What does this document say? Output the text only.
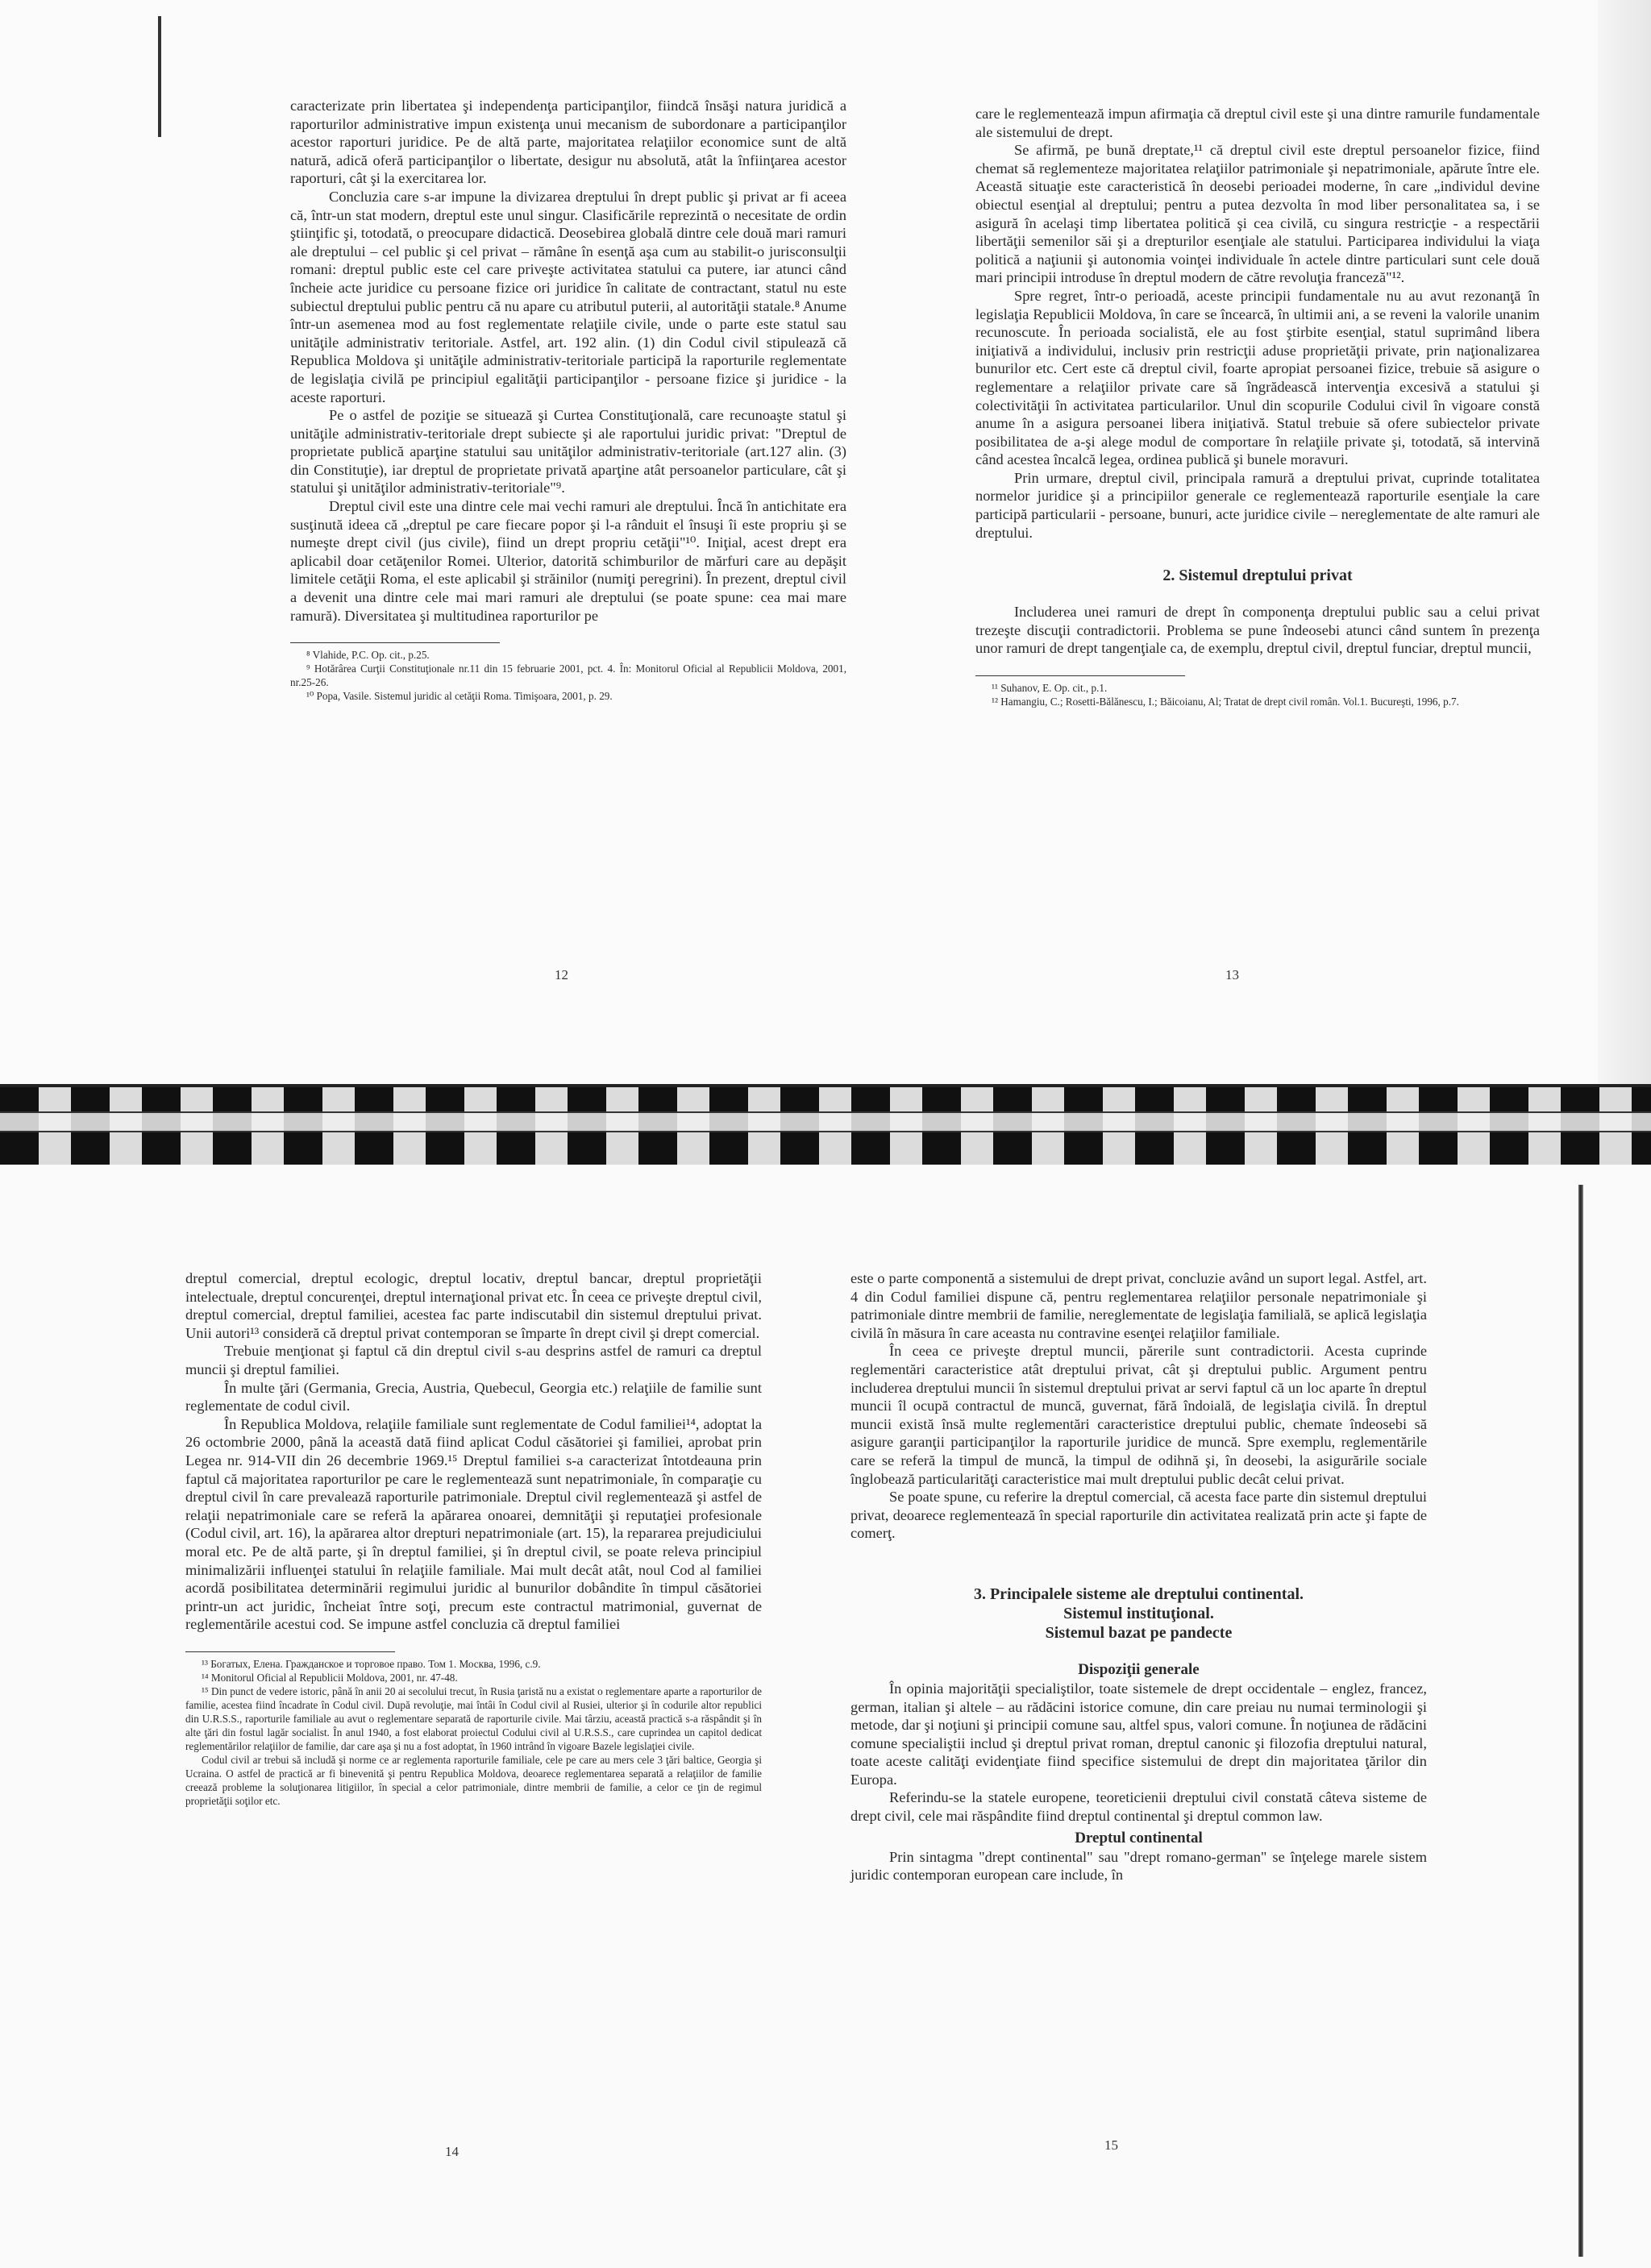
caracterizate prin libertatea şi independenţa participanţilor, fiindcă însăşi natura juridică a raporturilor administrative impun existenţa unui mecanism de subordonare a participanţilor acestor raporturi juridice. Pe de altă parte, majoritatea relaţiilor economice sunt de altă natură, adică oferă participanţilor o libertate, desigur nu absolută, atât la înfiinţarea acestor raporturi, cât şi la exercitarea lor.

Concluzia care s-ar impune la divizarea dreptului în drept public şi privat ar fi aceea că, într-un stat modern, dreptul este unul singur. Clasificările reprezintă o necesitate de ordin ştiinţific şi, totodată, o preocupare didactică. Deosebirea globală dintre cele două mari ramuri ale dreptului – cel public şi cel privat – rămâne în esenţă aşa cum au stabilit-o jurisconsulţii romani: dreptul public este cel care priveşte activitatea statului ca putere, iar atunci când încheie acte juridice cu persoane fizice ori juridice în calitate de contractant, statul nu este subiectul dreptului public pentru că nu apare cu atributul puterii, al autorităţii statale.⁸ Anume într-un asemenea mod au fost reglementate relaţiile civile, unde o parte este statul sau unităţile administrativ teritoriale. Astfel, art. 192 alin. (1) din Codul civil stipulează că Republica Moldova şi unităţile administrativ-teritoriale participă la raporturile reglementate de legislaţia civilă pe principiul egalităţii participanţilor - persoane fizice şi juridice - la aceste raporturi.

Pe o astfel de poziţie se situează şi Curtea Constituţională, care recunoaşte statul şi unităţile administrativ-teritoriale drept subiecte şi ale raportului juridic privat: "Dreptul de proprietate publică aparţine statului sau unităţilor administrativ-teritoriale (art.127 alin. (3) din Constituţie), iar dreptul de proprietate privată aparţine atât persoanelor particulare, cât şi statului şi unităţilor administrativ-teritoriale"⁹.

Dreptul civil este una dintre cele mai vechi ramuri ale dreptului. Încă în antichitate era susţinută ideea că „dreptul pe care fiecare popor şi l-a rânduit el însuşi îi este propriu şi se numeşte drept civil (jus civile), fiind un drept propriu cetăţii"¹⁰. Iniţial, acest drept era aplicabil doar cetăţenilor Romei. Ulterior, datorită schimburilor de mărfuri care au depăşit limitele cetăţii Roma, el este aplicabil şi străinilor (numiţi peregrini). În prezent, dreptul civil a devenit una dintre cele mai mari ramuri ale dreptului (se poate spune: cea mai mare ramură). Diversitatea şi multitudinea raporturilor pe

⁸ Vlahide, P.C. Op. cit., p.25.

⁹ Hotărârea Curţii Constituţionale nr.11 din 15 februarie 2001, pct. 4. În: Monitorul Oficial al Republicii Moldova, 2001, nr.25-26.

¹⁰ Popa, Vasile. Sistemul juridic al cetăţii Roma. Timişoara, 2001, p. 29.

12

care le reglementează impun afirmaţia că dreptul civil este şi una dintre ramurile fundamentale ale sistemului de drept.

Se afirmă, pe bună dreptate,¹¹ că dreptul civil este dreptul persoanelor fizice, fiind chemat să reglementeze majoritatea relaţiilor patrimoniale şi nepatrimoniale, apărute între ele. Această situaţie este caracteristică în deosebi perioadei moderne, în care „individul devine obiectul esenţial al dreptului; pentru a putea dezvolta în mod liber personalitatea sa, i se asigură în acelaşi timp libertatea politică şi cea civilă, cu singura restricţie - a respectării libertăţii semenilor săi şi a drepturilor esenţiale ale statului. Participarea individului la viaţa politică a naţiunii şi autonomia voinţei individuale în actele dintre particulari sunt cele două mari principii introduse în dreptul modern de către revoluţia franceză"¹².

Spre regret, într-o perioadă, aceste principii fundamentale nu au avut rezonanţă în legislaţia Republicii Moldova, în care se încearcă, în ultimii ani, a se reveni la valorile unanim recunoscute. În perioada socialistă, ele au fost ştirbite esenţial, statul suprimând libera iniţiativă a individului, inclusiv prin restricţii aduse proprietăţii private, prin naţionalizarea bunurilor etc. Cert este că dreptul civil, foarte apropiat persoanei fizice, trebuie să asigure o reglementare a relaţiilor private care să îngrădească intervenţia excesivă a statului şi colectivităţii în activitatea particularilor. Unul din scopurile Codului civil în vigoare constă anume în a asigura persoanei libera iniţiativă. Statul trebuie să ofere subiectelor private posibilitatea de a-şi alege modul de comportare în relaţiile private şi, totodată, să intervină când acestea încalcă legea, ordinea publică şi bunele moravuri.

Prin urmare, dreptul civil, principala ramură a dreptului privat, cuprinde totalitatea normelor juridice şi a principiilor generale ce reglementează raporturile esenţiale la care participă particularii - persoane, bunuri, acte juridice civile – nereglementate de alte ramuri ale dreptului.

2. Sistemul dreptului privat

Includerea unei ramuri de drept în componenţa dreptului public sau a celui privat trezeşte discuţii contradictorii. Problema se pune îndeosebi atunci când suntem în prezenţa unor ramuri de drept tangenţiale ca, de exemplu, dreptul civil, dreptul funciar, dreptul muncii,

¹¹ Suhanov, E. Op. cit., p.1.

¹² Hamangiu, C.; Rosetti-Bălănescu, I.; Băicoianu, Al; Tratat de drept civil român. Vol.1. Bucureşti, 1996, p.7.

13

dreptul comercial, dreptul ecologic, dreptul locativ, dreptul bancar, dreptul proprietăţii intelectuale, dreptul concurenţei, dreptul internaţional privat etc. În ceea ce priveşte dreptul civil, dreptul comercial, dreptul familiei, acestea fac parte indiscutabil din sistemul dreptului privat. Unii autori¹³ consideră că dreptul privat contemporan se împarte în drept civil şi drept comercial.

Trebuie menţionat şi faptul că din dreptul civil s-au desprins astfel de ramuri ca dreptul muncii şi dreptul familiei.

În multe ţări (Germania, Grecia, Austria, Quebecul, Georgia etc.) relaţiile de familie sunt reglementate de codul civil.

În Republica Moldova, relaţiile familiale sunt reglementate de Codul familiei¹⁴, adoptat la 26 octombrie 2000, până la această dată fiind aplicat Codul căsătoriei şi familiei, aprobat prin Legea nr. 914-VII din 26 decembrie 1969.¹⁵ Dreptul familiei s-a caracterizat întotdeauna prin faptul că majoritatea raporturilor pe care le reglementează sunt nepatrimoniale, în comparaţie cu dreptul civil în care prevalează raporturile patrimoniale. Dreptul civil reglementează şi astfel de relaţii nepatrimoniale care se referă la apărarea onoarei, demnităţii şi reputaţiei profesionale (Codul civil, art. 16), la apărarea altor drepturi nepatrimoniale (art. 15), la repararea prejudiciului moral etc. Pe de altă parte, şi în dreptul familiei, şi în dreptul civil, se poate releva principiul minimalizării influenţei statului în relaţiile familiale. Mai mult decât atât, noul Cod al familiei acordă posibilitatea determinării regimului juridic al bunurilor dobândite în timpul căsătoriei printr-un act juridic, încheiat între soţi, precum este contractul matrimonial, guvernat de reglementările acestui cod. Se impune astfel concluzia că dreptul familiei

¹³ Богатых, Елена. Гражданское и торговое право. Том 1. Москва, 1996, с.9.

¹⁴ Monitorul Oficial al Republicii Moldova, 2001, nr. 47-48.

¹⁵ Din punct de vedere istoric, până în anii 20 ai secolului trecut, în Rusia ţaristă nu a existat o reglementare aparte a raporturilor de familie, acestea fiind încadrate în Codul civil. După revoluţie, mai întâi în Codul civil al Rusiei, ulterior şi în codurile altor republici din U.R.S.S., raporturile familiale au avut o reglementare separată de raporturile civile. Mai târziu, această practică s-a răspândit şi în alte ţări din fostul lagăr socialist. În anul 1940, a fost elaborat proiectul Codului civil al U.R.S.S., care cuprindea un capitol dedicat reglementărilor relaţiilor de familie, dar care aşa şi nu a fost adoptat, în 1960 intrând în vigoare Bazele legislaţiei civile.

Codul civil ar trebui să includă şi norme ce ar reglementa raporturile familiale, cele pe care au mers cele 3 ţări baltice, Georgia şi Ucraina. O astfel de practică ar fi binevenită şi pentru Republica Moldova, deoarece reglementarea separată a relaţiilor de familie creează probleme la soluţionarea litigiilor, în special a celor patrimoniale, dintre membrii de familie, a celor ce ţin de regimul proprietăţii soţilor etc.

14

este o parte componentă a sistemului de drept privat, concluzie având un suport legal. Astfel, art. 4 din Codul familiei dispune că, pentru reglementarea relaţiilor personale nepatrimoniale şi patrimoniale dintre membrii de familie, nereglementate de legislaţia familială, se aplică legislaţia civilă în măsura în care aceasta nu contravine esenţei relaţiilor familiale.

În ceea ce priveşte dreptul muncii, părerile sunt contradictorii. Acesta cuprinde reglementări caracteristice atât dreptului privat, cât şi dreptului public. Argument pentru includerea dreptului muncii în sistemul dreptului privat ar servi faptul că un loc aparte în dreptul muncii îl ocupă contractul de muncă, guvernat, fără îndoială, de legislaţia civilă. În dreptul muncii există însă multe reglementări caracteristice dreptului public, chemate îndeosebi să asigure garanţii participanţilor la raporturile juridice de muncă. Spre exemplu, reglementările care se referă la timpul de muncă, la timpul de odihnă şi, în deosebi, la asigurările sociale înglobează particularităţi caracteristice mai mult dreptului public decât celui privat.

Se poate spune, cu referire la dreptul comercial, că acesta face parte din sistemul dreptului privat, deoarece reglementează în special raporturile din activitatea realizată prin acte şi fapte de comerţ.

3. Principalele sisteme ale dreptului continental.
Sistemul instituţional.
Sistemul bazat pe pandecte
Dispoziţii generale

În opinia majorităţii specialiştilor, toate sistemele de drept occidentale – englez, francez, german, italian şi altele – au rădăcini istorice comune, din care preiau nu numai terminologii şi metode, dar şi noţiuni şi principii comune sau, altfel spus, valori comune. În noţiunea de rădăcini comune specialiştii includ şi dreptul privat roman, dreptul canonic şi filozofia dreptului natural, toate aceste calităţi evidenţiate fiind specifice sistemului de drept din majoritatea ţărilor din Europa.

Referindu-se la statele europene, teoreticienii dreptului civil constată câteva sisteme de drept civil, cele mai răspândite fiind dreptul continental şi dreptul common law.

Dreptul continental

Prin sintagma "drept continental" sau "drept romano-german" se înţelege marele sistem juridic contemporan european care include, în

15
